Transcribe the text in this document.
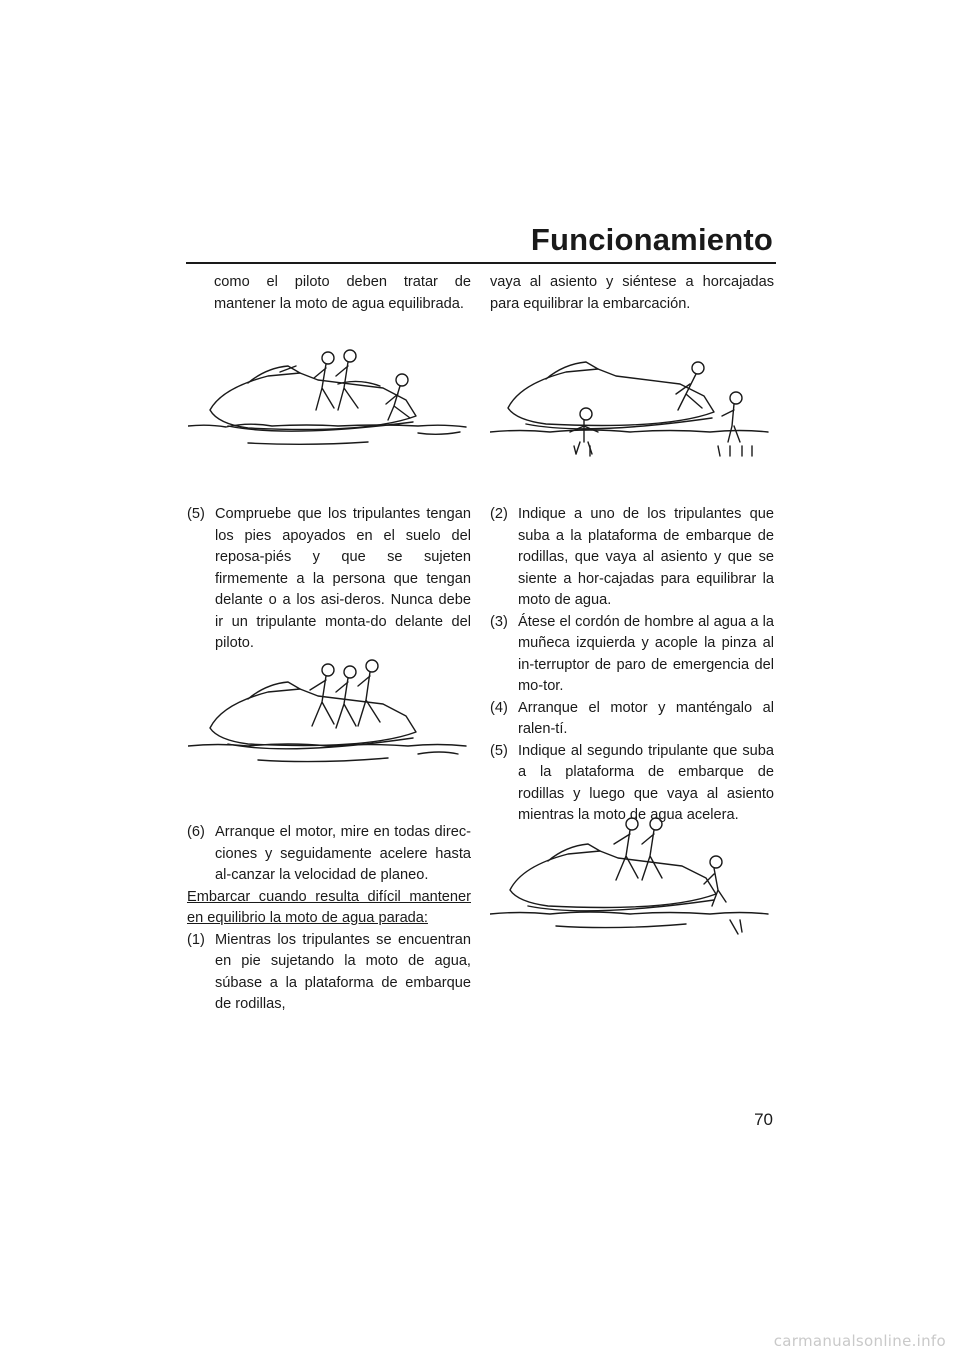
Funcionamiento

como el piloto deben tratar de mantener la moto de agua equilibrada.

(5) Compruebe que los tripulantes tengan los pies apoyados en el suelo del reposa-piés y que se sujeten firmemente a la persona que tengan delante o a los asi-deros. Nunca debe ir un tripulante monta-do delante del piloto.
(6) Arranque el motor, mire en todas direc-ciones y seguidamente acelere hasta al-canzar la velocidad de planeo.

Embarcar cuando resulta difícil mantener en equilibrio la moto de agua parada:

(1) Mientras los tripulantes se encuentran en pie sujetando la moto de agua, súbase a la plataforma de embarque de rodillas,

vaya al asiento y siéntese a horcajadas para equilibrar la embarcación.

(2) Indique a uno de los tripulantes que suba a la plataforma de embarque de rodillas, que vaya al asiento y que se siente a hor-cajadas para equilibrar la moto de agua.
(3) Átese el cordón de hombre al agua a la muñeca izquierda y acople la pinza al in-terruptor de paro de emergencia del mo-tor.
(4) Arranque el motor y manténgalo al ralen-tí.
(5) Indique al segundo tripulante que suba a la plataforma de embarque de rodillas y luego que vaya al asiento mientras la moto de agua acelera.
70
carmanualsonline.info
